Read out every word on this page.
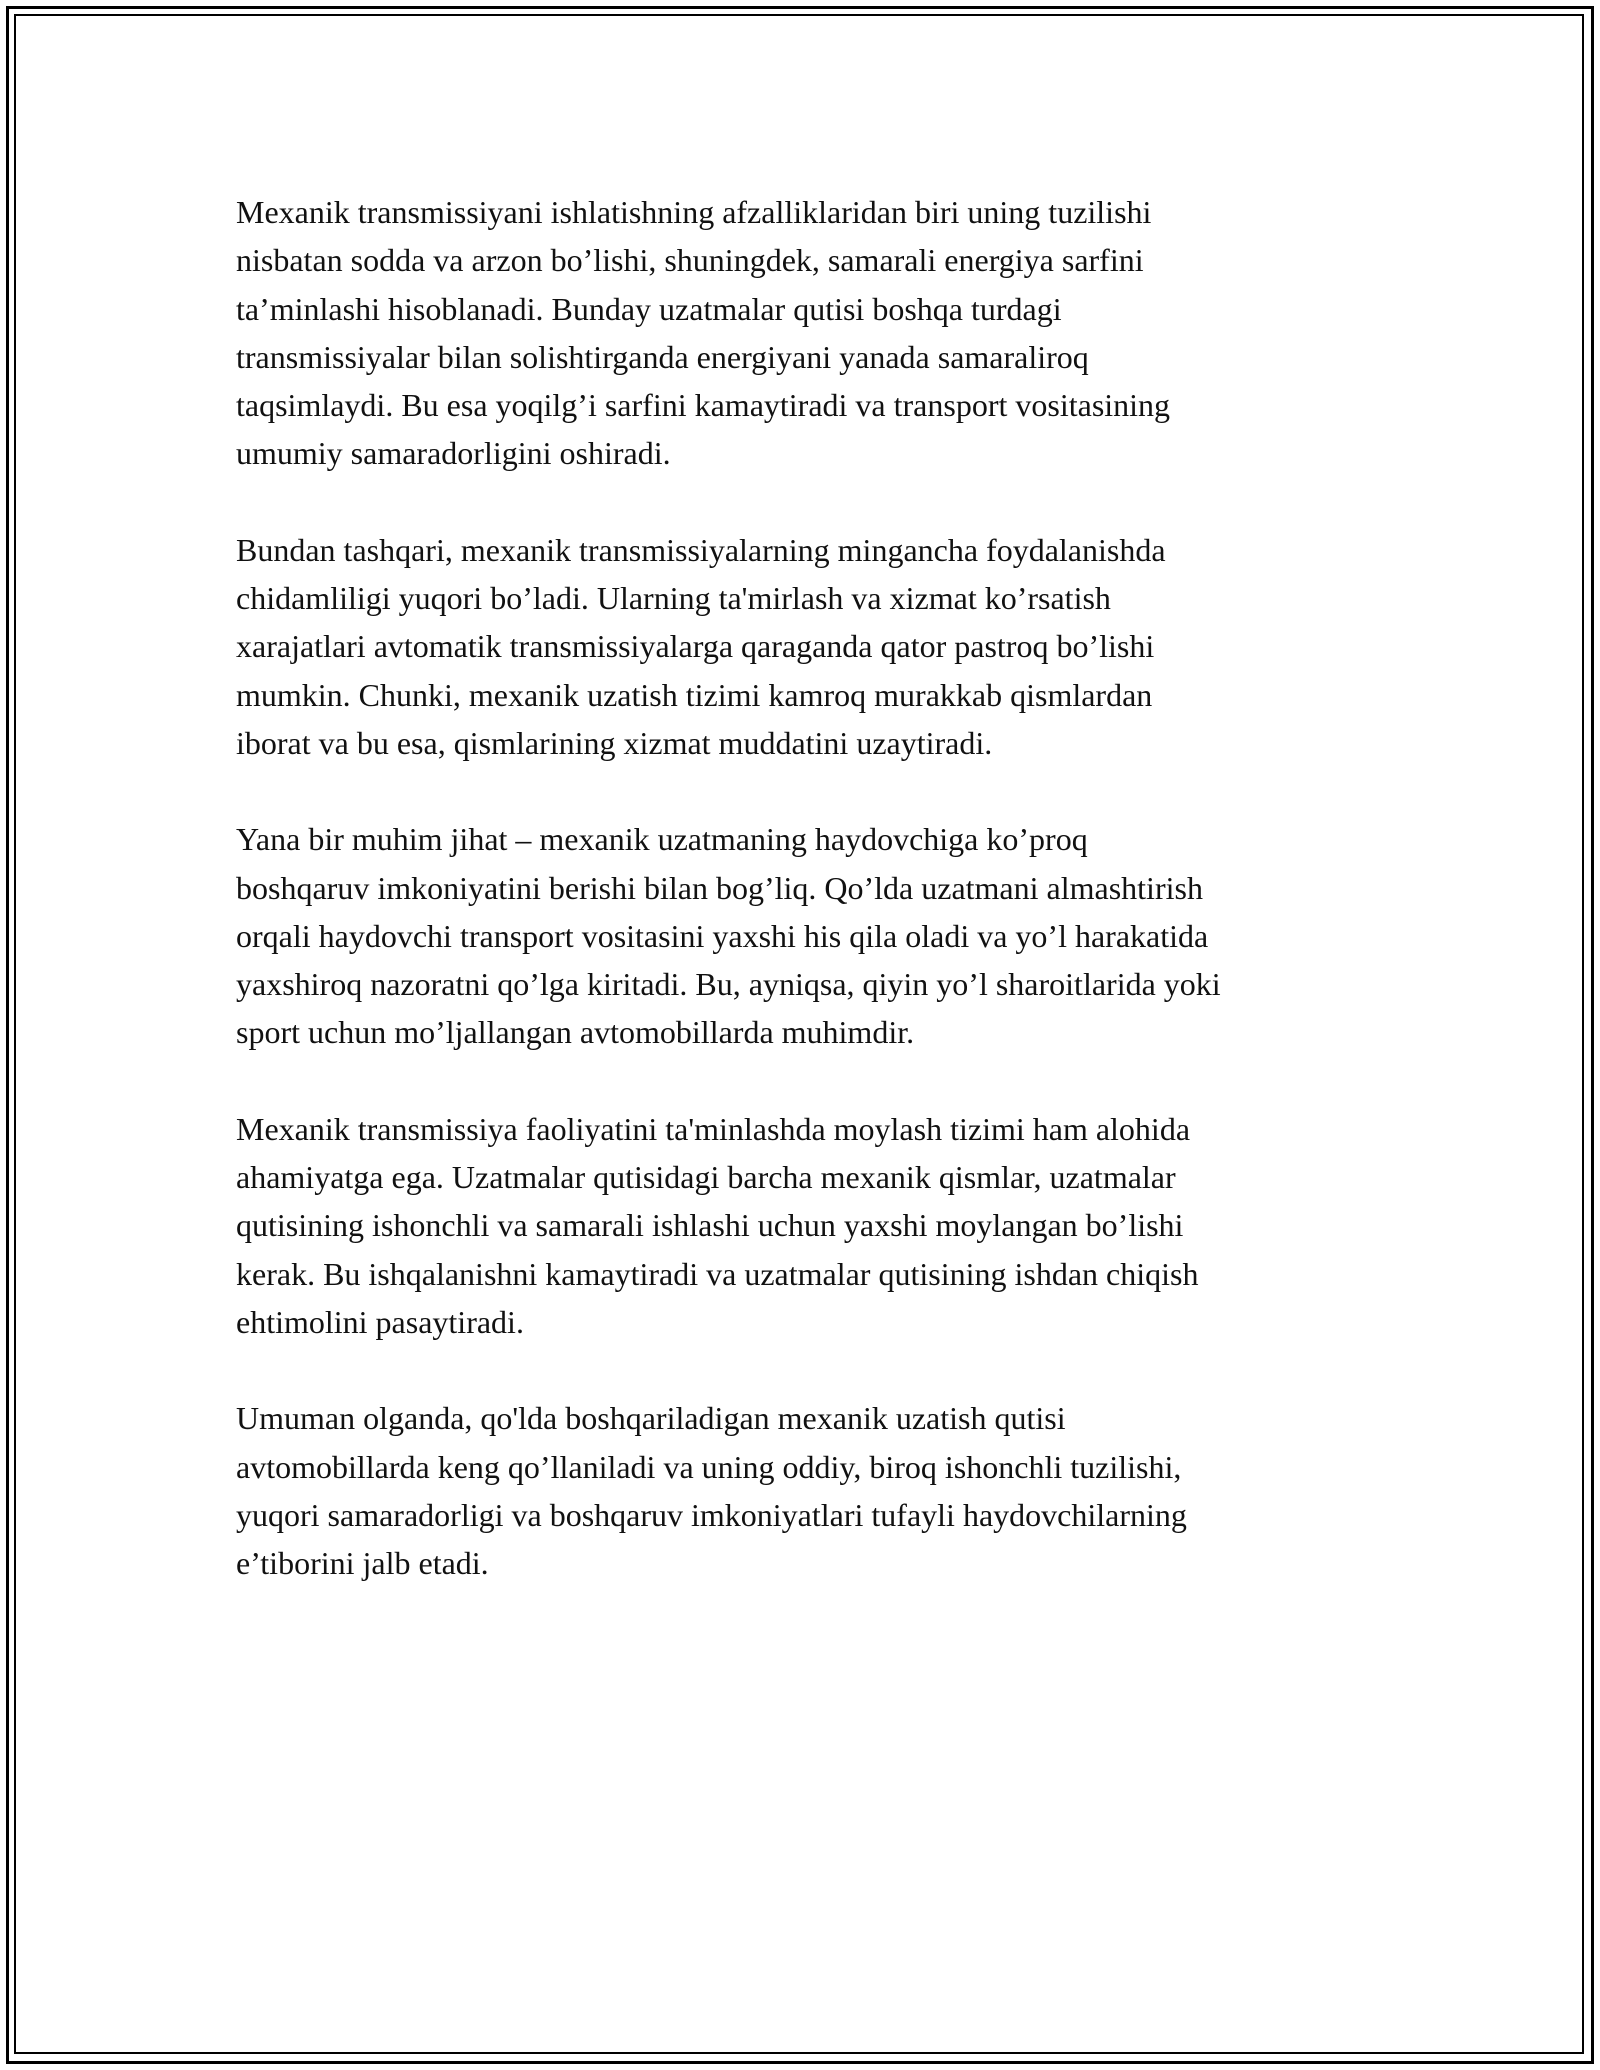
Mexanik transmissiyani ishlatishning afzalliklaridan biri uning tuzilishi
nisbatan sodda va arzon bo’lishi, shuningdek, samarali energiya sarfini
ta’minlashi hisoblanadi. Bunday uzatmalar qutisi boshqa turdagi
transmissiyalar bilan solishtirganda energiyani yanada samaraliroq
taqsimlaydi. Bu esa yoqilg’i sarfini kamaytiradi va transport vositasining
umumiy samaradorligini oshiradi.

Bundan tashqari, mexanik transmissiyalarning mingancha foydalanishda
chidamliligi yuqori bo’ladi. Ularning ta'mirlash va xizmat ko’rsatish
xarajatlari avtomatik transmissiyalarga qaraganda qator pastroq bo’lishi
mumkin. Chunki, mexanik uzatish tizimi kamroq murakkab qismlardan
iborat va bu esa, qismlarining xizmat muddatini uzaytiradi.

Yana bir muhim jihat – mexanik uzatmaning haydovchiga ko’proq
boshqaruv imkoniyatini berishi bilan bog’liq. Qo’lda uzatmani almashtirish
orqali haydovchi transport vositasini yaxshi his qila oladi va yo’l harakatida
yaxshiroq nazoratni qo’lga kiritadi. Bu, ayniqsa, qiyin yo’l sharoitlarida yoki
sport uchun mo’ljallangan avtomobillarda muhimdir.

Mexanik transmissiya faoliyatini ta'minlashda moylash tizimi ham alohida
ahamiyatga ega. Uzatmalar qutisidagi barcha mexanik qismlar, uzatmalar
qutisining ishonchli va samarali ishlashi uchun yaxshi moylangan bo’lishi
kerak. Bu ishqalanishni kamaytiradi va uzatmalar qutisining ishdan chiqish
ehtimolini pasaytiradi.

Umuman olganda, qo'lda boshqariladigan mexanik uzatish qutisi
avtomobillarda keng qo’llaniladi va uning oddiy, biroq ishonchli tuzilishi,
yuqori samaradorligi va boshqaruv imkoniyatlari tufayli haydovchilarning
e’tiborini jalb etadi.
